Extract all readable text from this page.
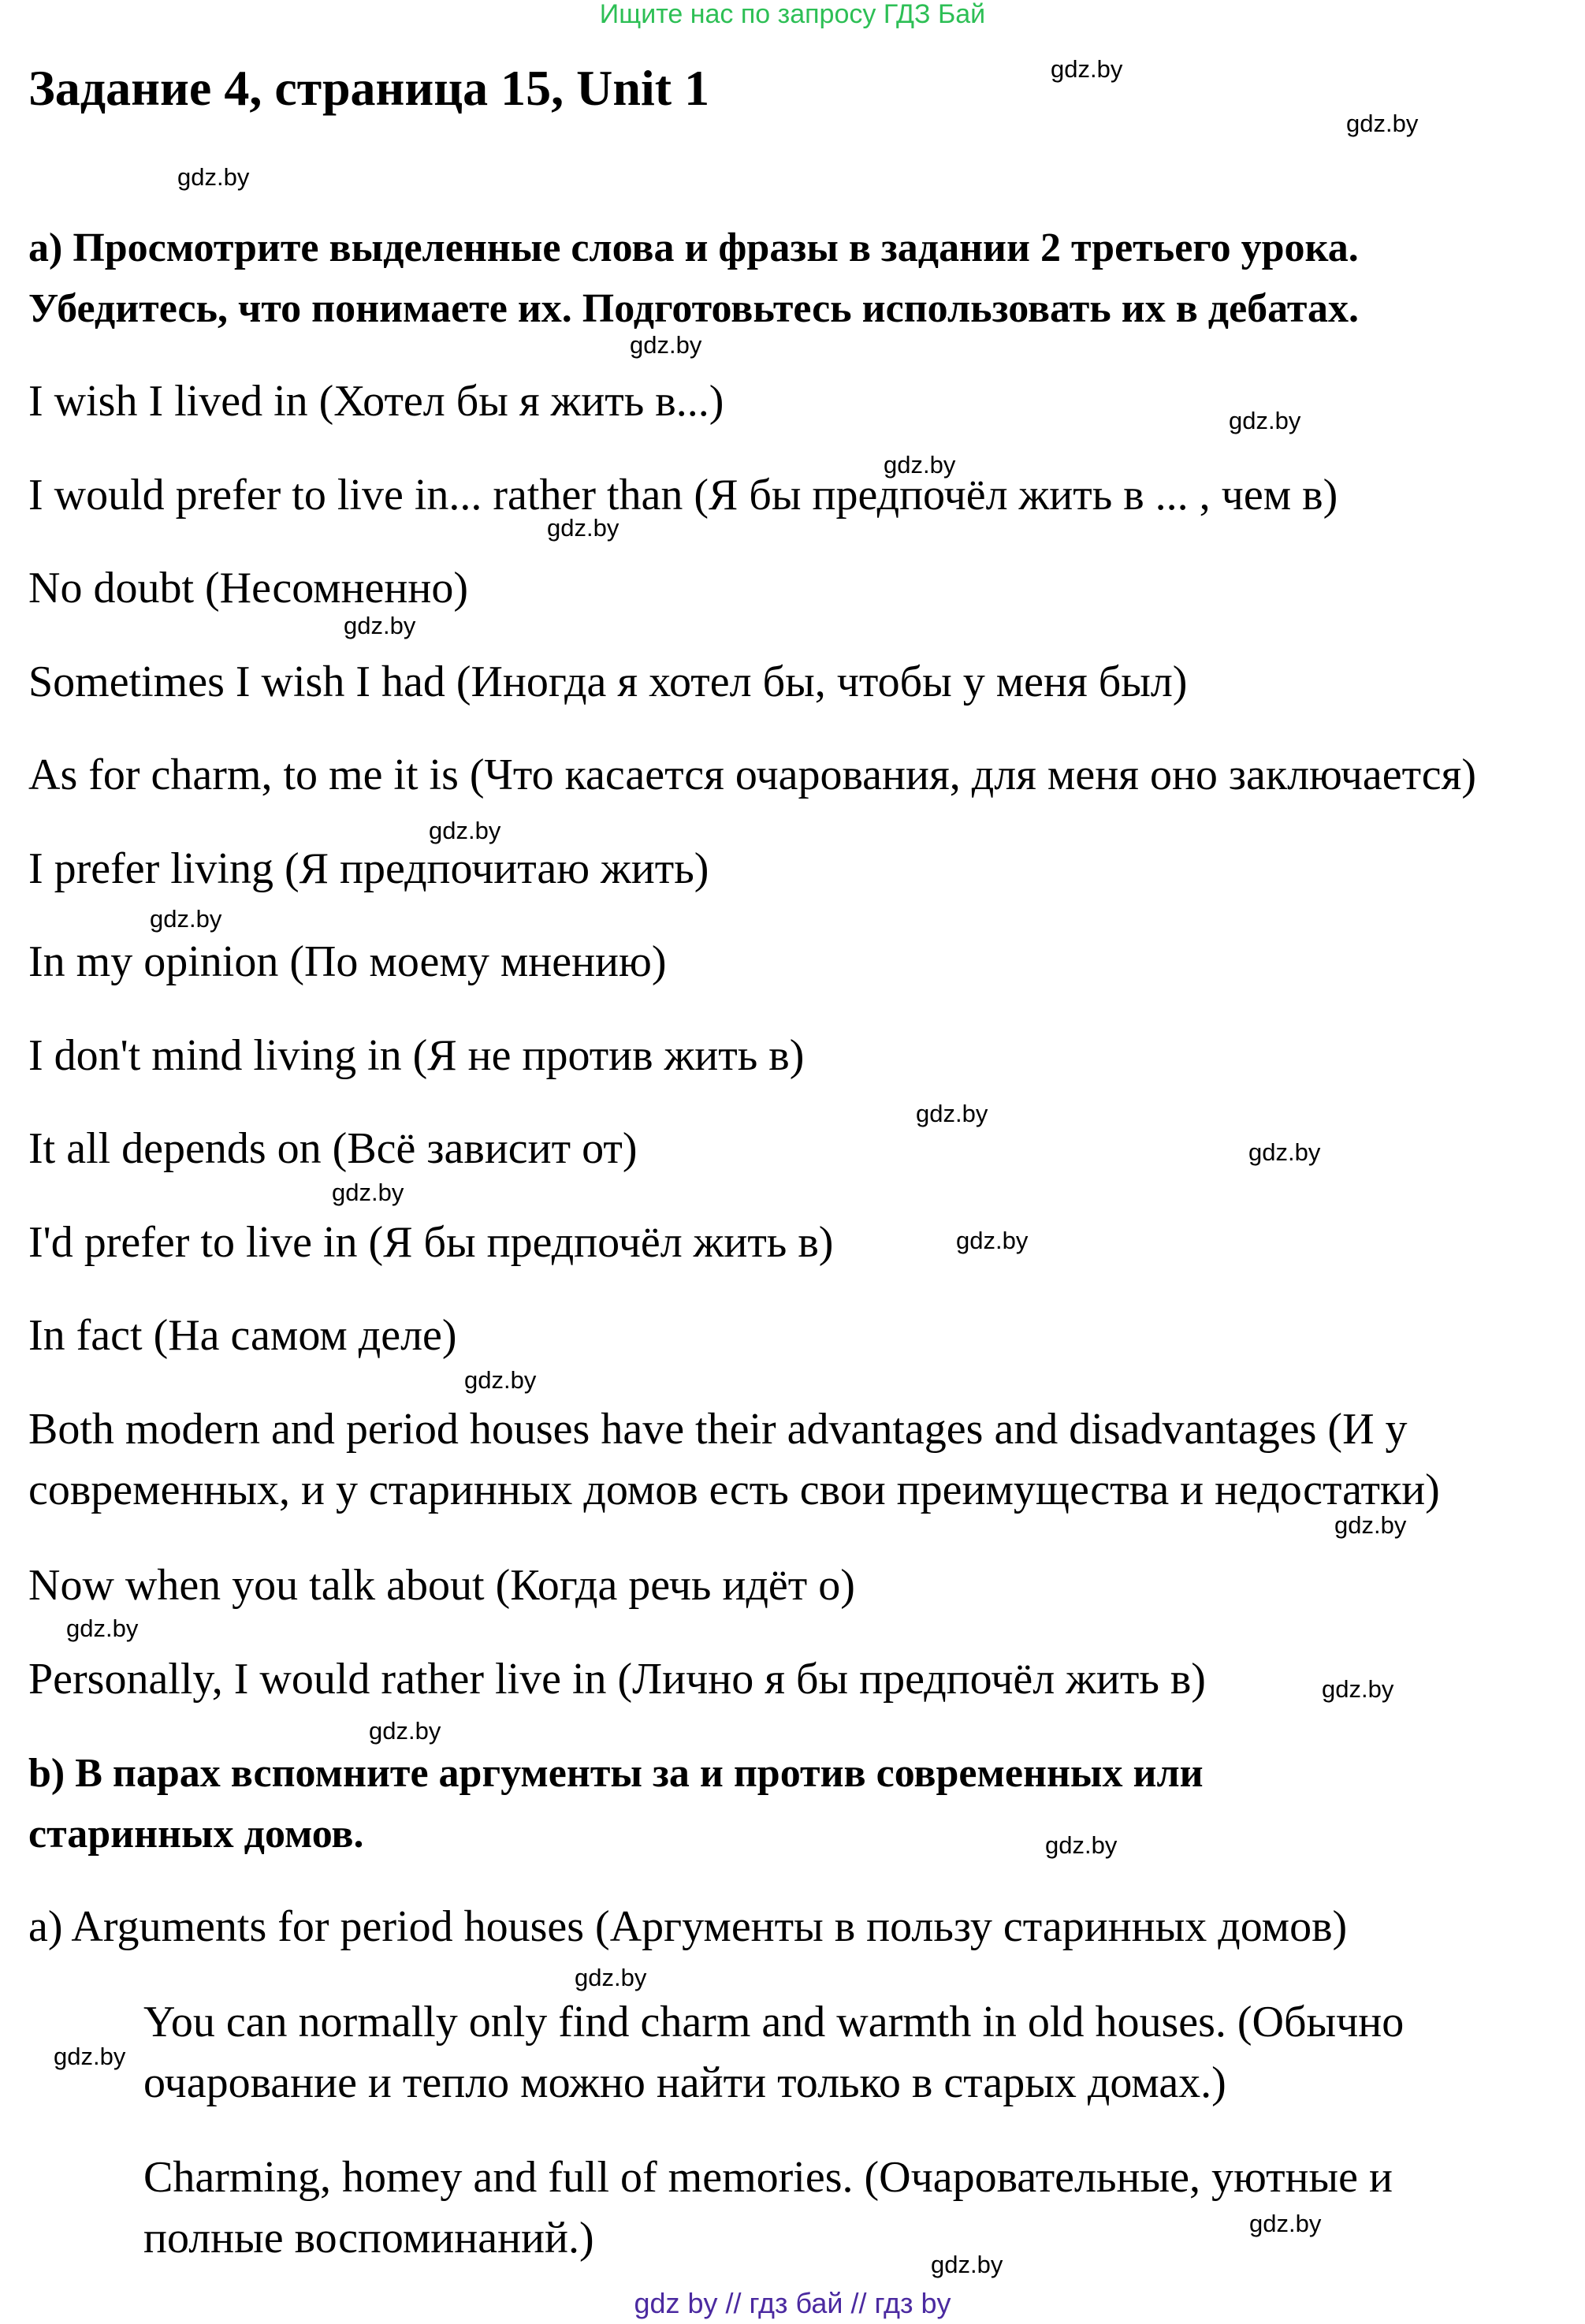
Ищите нас по запросу ГДЗ Бай
Задание 4, страница 15, Unit 1
a) Просмотрите выделенные слова и фразы в задании 2 третьего урока.
Убедитесь, что понимаете их. Подготовьтесь использовать их в дебатах.
I wish I lived in (Хотел бы я жить в...)
I would prefer to live in... rather than (Я бы предпочёл жить в ... , чем в)
No doubt (Несомненно)
Sometimes I wish I had (Иногда я хотел бы, чтобы у меня был)
As for charm, to me it is (Что касается очарования, для меня оно заключается)
I prefer living (Я предпочитаю жить)
In my opinion (По моему мнению)
I don't mind living in (Я не против жить в)
It all depends on (Всё зависит от)
I'd prefer to live in (Я бы предпочёл жить в)
In fact (На самом деле)
Both modern and period houses have their advantages and disadvantages (И у
современных, и у старинных домов есть свои преимущества и недостатки)
Now when you talk about (Когда речь идёт о)
Personally, I would rather live in (Лично я бы предпочёл жить в)
b) В парах вспомните аргументы за и против современных или
старинных домов.
a) Arguments for period houses (Аргументы в пользу старинных домов)
You can normally only find charm and warmth in old houses. (Обычно
очарование и тепло можно найти только в старых домах.)
Charming, homey and full of memories. (Очаровательные, уютные и
полные воспоминаний.)
gdz.by
gdz.by
gdz.by
gdz.by
gdz.by
gdz.by
gdz.by
gdz.by
gdz.by
gdz.by
gdz.by
gdz.by
gdz.by
gdz.by
gdz.by
gdz.by
gdz.by
gdz.by
gdz.by
gdz.by
gdz.by
gdz.by
gdz.by
gdz.by
gdz by // гдз бай // гдз by
